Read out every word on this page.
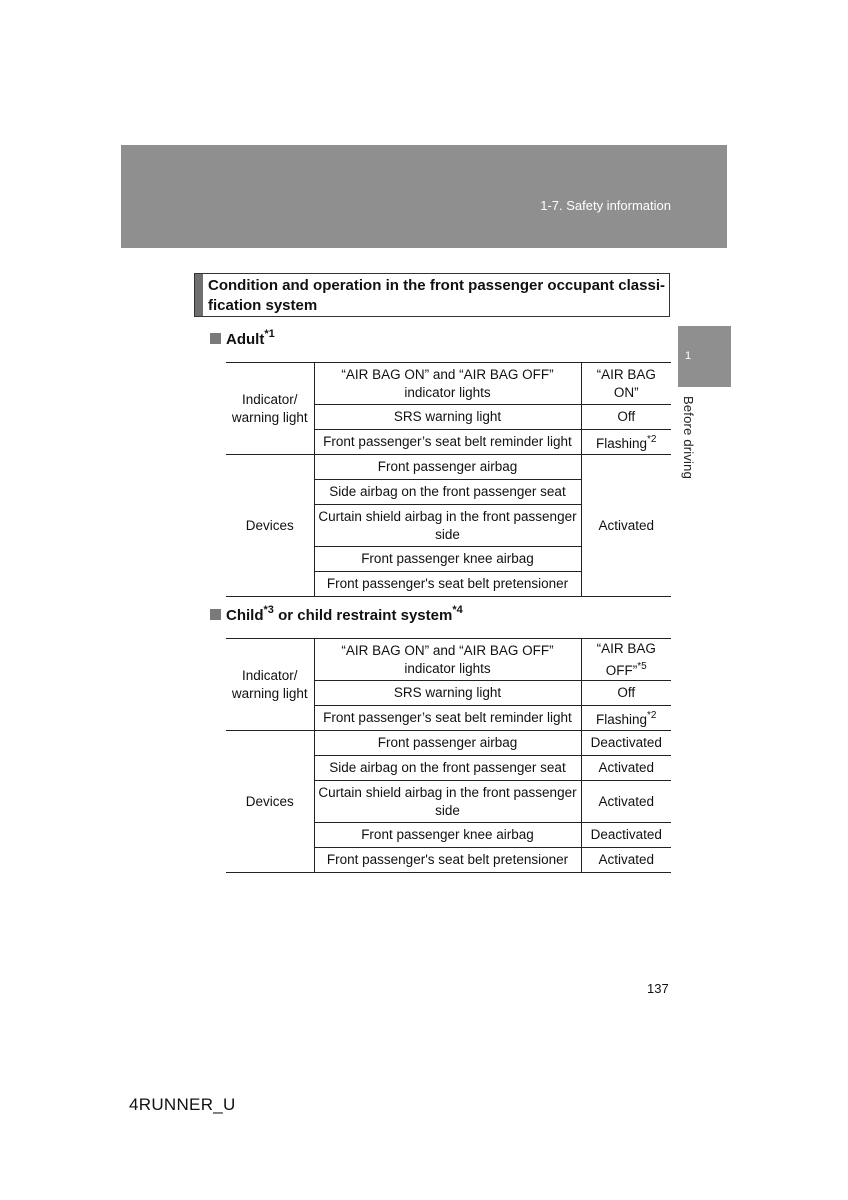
1-7. Safety information
1
Before driving
Condition and operation in the front passenger occupant classi-fication system
Adult$^{*1}$
Indicator/
warning light	“AIR BAG ON” and “AIR BAG OFF” indicator lights	“AIR BAG ON”
	SRS warning light	Off
	Front passenger’s seat belt reminder light	Flashing$^{*2}$
Devices	Front passenger airbag	Activated
	Side airbag on the front passenger seat	
	Curtain shield airbag in the front passenger side	
	Front passenger knee airbag	
	Front passenger's seat belt pretensioner	
Child$^{*3}$ or child restraint system$^{*4}$
Indicator/
warning light	“AIR BAG ON” and “AIR BAG OFF” indicator lights	“AIR BAG OFF”$^{*5}$
	SRS warning light	Off
	Front passenger’s seat belt reminder light	Flashing$^{*2}$
Devices	Front passenger airbag	Deactivated
	Side airbag on the front passenger seat	Activated
	Curtain shield airbag in the front passenger side	Activated
	Front passenger knee airbag	Deactivated
	Front passenger's seat belt pretensioner	Activated
137
4RUNNER_U
